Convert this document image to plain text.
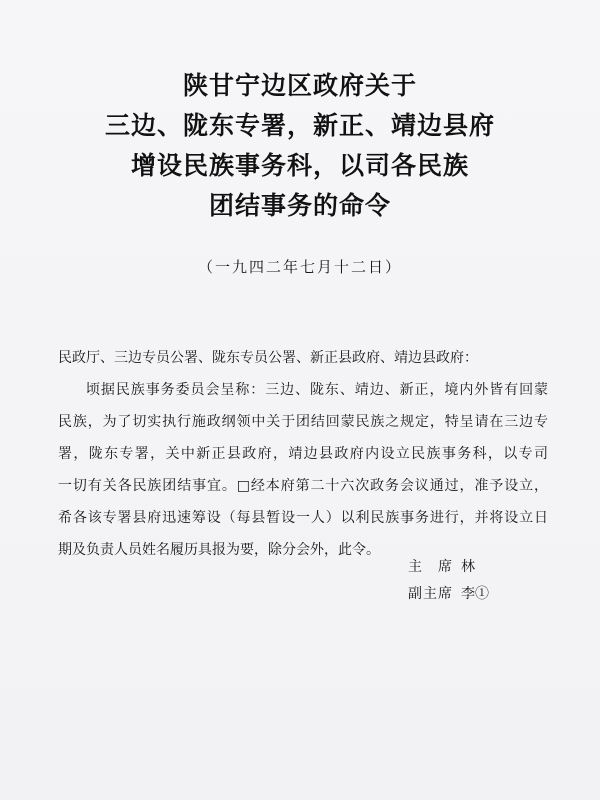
陕甘宁边区政府关于
三边、陇东专署，新正、靖边县府
增设民族事务科，以司各民族
团结事务的命令
（一九四二年七月十二日）
民政厅、三边专员公署、陇东专员公署、新正县政府、靖边县政府：
顷据民族事务委员会呈称：三边、陇东、靖边、新正，境内外皆有回蒙
民族，为了切实执行施政纲领中关于团结回蒙民族之规定，特呈请在三边专
署，陇东专署，关中新正县政府，靖边县政府内设立民族事务科，以专司
一切有关各民族团结事宜。□经本府第二十六次政务会议通过，准予设立，
希各该专署县府迅速筹设（每县暂设一人）以利民族事务进行，并将设立日
期及负责人员姓名履历具报为要，除分会外，此令。
主　席 林
副主席 李①
